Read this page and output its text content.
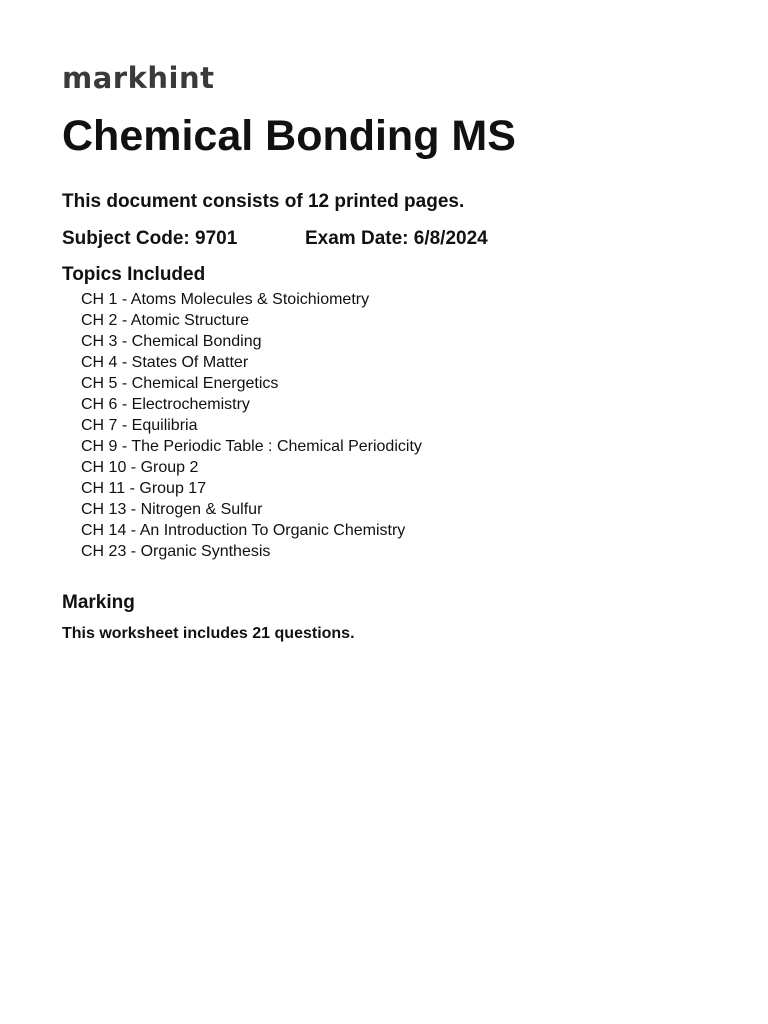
markhint
Chemical Bonding MS
This document consists of 12 printed pages.
Subject Code: 9701	Exam Date: 6/8/2024
Topics Included
CH 1 - Atoms Molecules & Stoichiometry
CH 2 - Atomic Structure
CH 3 - Chemical Bonding
CH 4 - States Of Matter
CH 5 - Chemical Energetics
CH 6 - Electrochemistry
CH 7 - Equilibria
CH 9 - The Periodic Table : Chemical Periodicity
CH 10 - Group 2
CH 11 - Group 17
CH 13 - Nitrogen & Sulfur
CH 14 - An Introduction To Organic Chemistry
CH 23 - Organic Synthesis
Marking
This worksheet includes 21 questions.
